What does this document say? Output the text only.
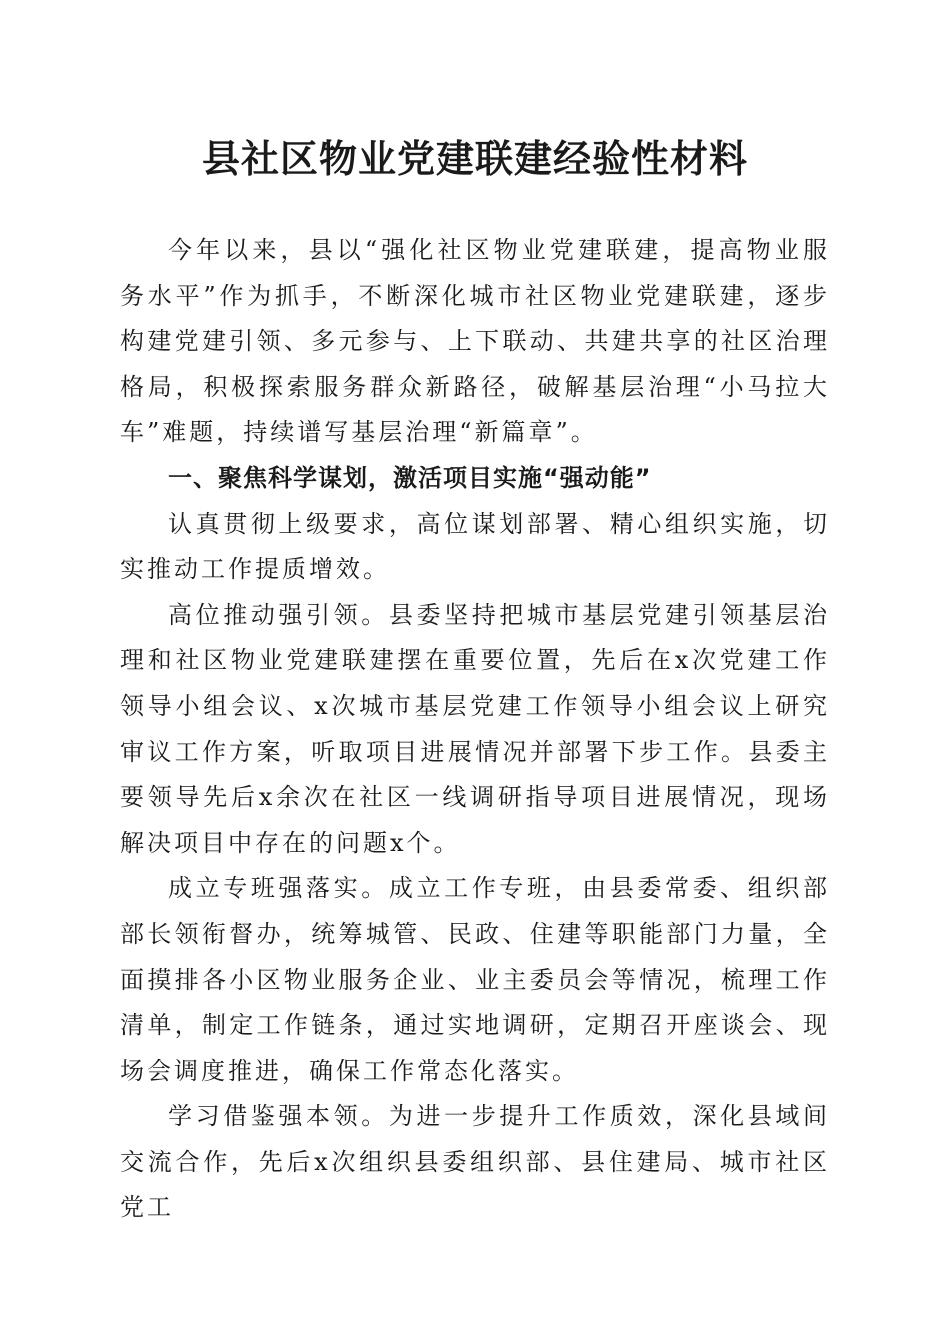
县社区物业党建联建经验性材料

今年以来，县以“强化社区物业党建联建，提高物业服务水平”作为抓手，不断深化城市社区物业党建联建，逐步构建党建引领、多元参与、上下联动、共建共享的社区治理格局，积极探索服务群众新路径，破解基层治理“小马拉大车”难题，持续谱写基层治理“新篇章”。

一、聚焦科学谋划，激活项目实施“强动能”

认真贯彻上级要求，高位谋划部署、精心组织实施，切实推动工作提质增效。

高位推动强引领。县委坚持把城市基层党建引领基层治理和社区物业党建联建摆在重要位置，先后在x次党建工作领导小组会议、x次城市基层党建工作领导小组会议上研究审议工作方案，听取项目进展情况并部署下步工作。县委主要领导先后x余次在社区一线调研指导项目进展情况，现场解决项目中存在的问题x个。

成立专班强落实。成立工作专班，由县委常委、组织部部长领衔督办，统筹城管、民政、住建等职能部门力量，全面摸排各小区物业服务企业、业主委员会等情况，梳理工作清单，制定工作链条，通过实地调研，定期召开座谈会、现场会调度推进，确保工作常态化落实。

学习借鉴强本领。为进一步提升工作质效，深化县域间交流合作，先后x次组织县委组织部、县住建局、城市社区党工
